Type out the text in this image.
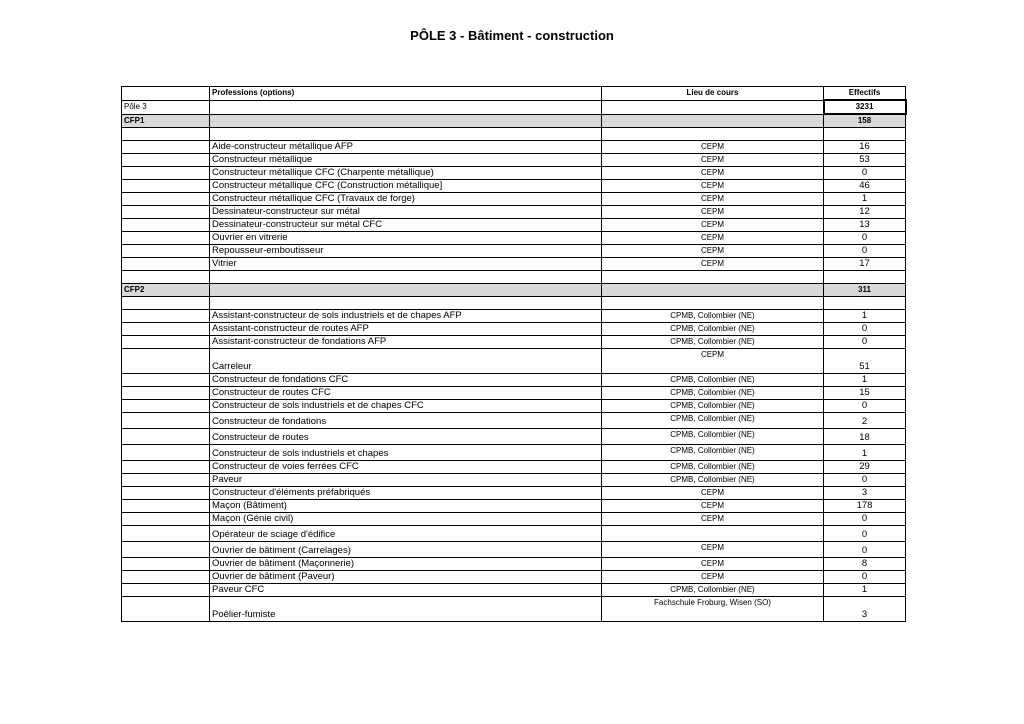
PÔLE 3 - Bâtiment - construction
	Professions (options)	Lieu de cours	Effectifs
Pôle 3			3231
CFP1			158

	Aide-constructeur métallique AFP	CEPM	16
	Constructeur métallique	CEPM	53
	Constructeur métallique CFC (Charpente métallique)	CEPM	0
	Constructeur métallique CFC (Construction métallique]	CEPM	46
	Constructeur métallique CFC (Travaux de forge)	CEPM	1
	Dessinateur-constructeur sur métal	CEPM	12
	Dessinateur-constructeur sur métal CFC	CEPM	13
	Ouvrier en vitrerie	CEPM	0
	Repousseur-emboutisseur	CEPM	0
	Vitrier	CEPM	17

CFP2			311

	Assistant-constructeur de sols industriels et de chapes AFP	CPMB, Collombier (NE)	1
	Assistant-constructeur de routes AFP	CPMB, Collombier (NE)	0
	Assistant-constructeur de fondations AFP	CPMB, Collombier (NE)	0
	Carreleur	CEPM	51
	Constructeur de fondations CFC	CPMB, Collombier (NE)	1
	Constructeur de routes CFC	CPMB, Collombier (NE)	15
	Constructeur de sols industriels et de chapes CFC	CPMB, Collombier (NE)	0
	Constructeur de fondations	CPMB, Collombier (NE)	2
	Constructeur de routes	CPMB, Collombier (NE)	18
	Constructeur de sols industriels et chapes	CPMB, Collombier (NE)	1
	Constructeur de voies ferrées CFC	CPMB, Collombier (NE)	29
	Paveur	CPMB, Collombier (NE)	0
	Constructeur d'éléments préfabriqués	CEPM	3
	Maçon (Bâtiment)	CEPM	178
	Maçon (Génie civil)	CEPM	0
	Opérateur de sciage d'édifice		0
	Ouvrier de bâtiment (Carrelages)	CEPM	0
	Ouvrier de bâtiment (Maçonnerie)	CEPM	8
	Ouvrier de bâtiment (Paveur)	CEPM	0
	Paveur CFC	CPMB, Collombier (NE)	1
	Poêlier-fumiste	Fachschule Froburg, Wisen (SO)	3
